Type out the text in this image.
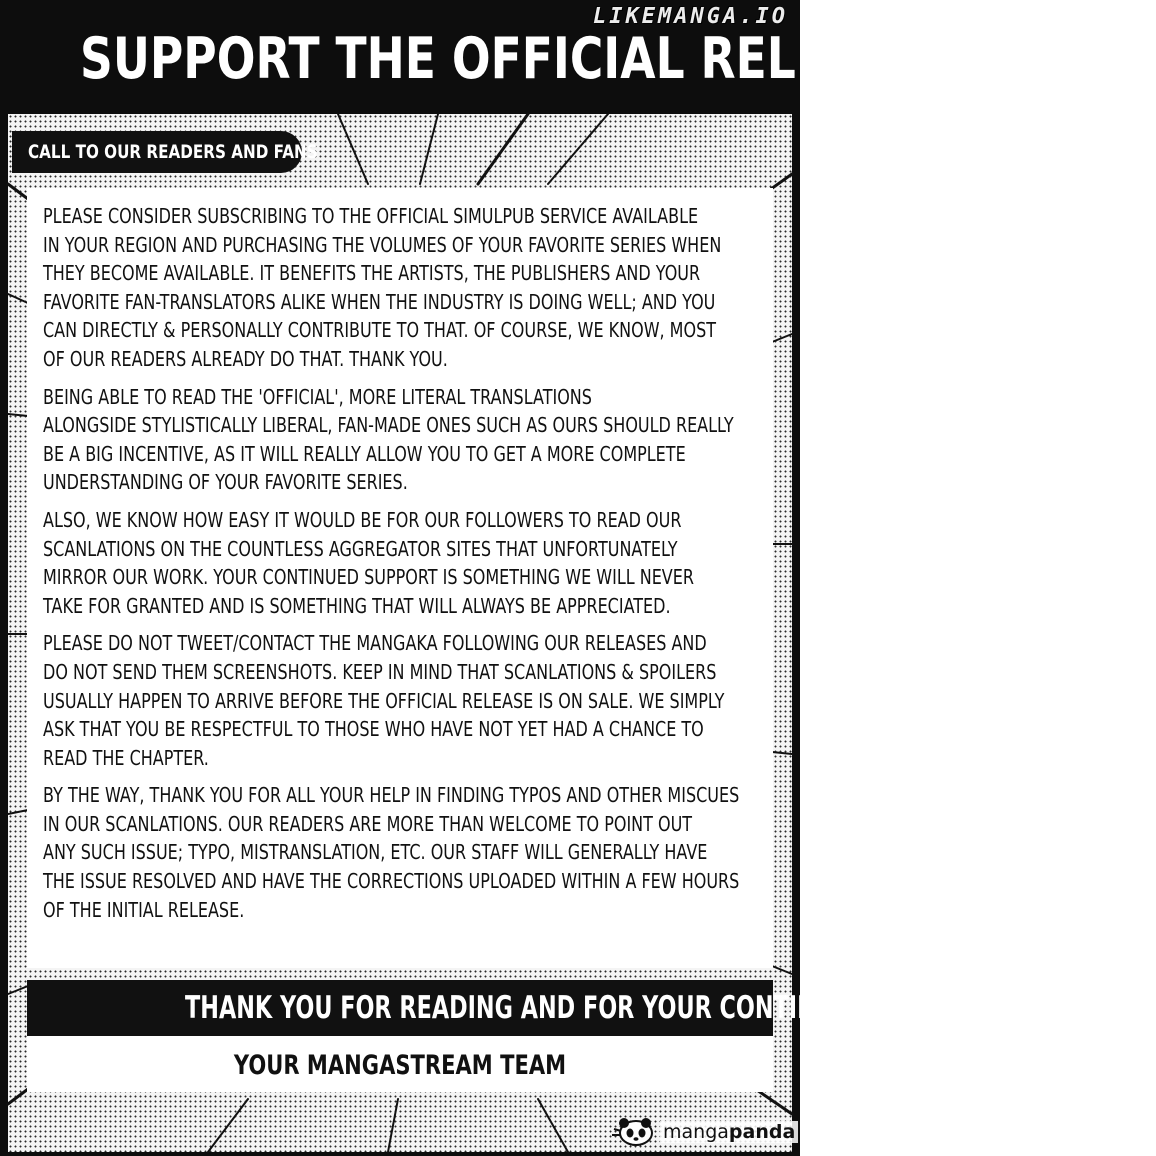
SUPPORT THE OFFICIAL RELEASE
LIKEMANGA.IO
CALL TO OUR READERS AND FANS
PLEASE CONSIDER SUBSCRIBING TO THE OFFICIAL SIMULPUB SERVICE AVAILABLE
IN YOUR REGION AND PURCHASING THE VOLUMES OF YOUR FAVORITE SERIES WHEN
THEY BECOME AVAILABLE. IT BENEFITS THE ARTISTS, THE PUBLISHERS AND YOUR
FAVORITE FAN-TRANSLATORS ALIKE WHEN THE INDUSTRY IS DOING WELL; AND YOU
CAN DIRECTLY & PERSONALLY CONTRIBUTE TO THAT. OF COURSE, WE KNOW, MOST
OF OUR READERS ALREADY DO THAT. THANK YOU.
BEING ABLE TO READ THE 'OFFICIAL', MORE LITERAL TRANSLATIONS
ALONGSIDE STYLISTICALLY LIBERAL, FAN-MADE ONES SUCH AS OURS SHOULD REALLY
BE A BIG INCENTIVE, AS IT WILL REALLY ALLOW YOU TO GET A MORE COMPLETE
UNDERSTANDING OF YOUR FAVORITE SERIES.
ALSO, WE KNOW HOW EASY IT WOULD BE FOR OUR FOLLOWERS TO READ OUR
SCANLATIONS ON THE COUNTLESS AGGREGATOR SITES THAT UNFORTUNATELY
MIRROR OUR WORK. YOUR CONTINUED SUPPORT IS SOMETHING WE WILL NEVER
TAKE FOR GRANTED AND IS SOMETHING THAT WILL ALWAYS BE APPRECIATED.
PLEASE DO NOT TWEET/CONTACT THE MANGAKA FOLLOWING OUR RELEASES AND
DO NOT SEND THEM SCREENSHOTS. KEEP IN MIND THAT SCANLATIONS & SPOILERS
USUALLY HAPPEN TO ARRIVE BEFORE THE OFFICIAL RELEASE IS ON SALE. WE SIMPLY
ASK THAT YOU BE RESPECTFUL TO THOSE WHO HAVE NOT YET HAD A CHANCE TO
READ THE CHAPTER.
BY THE WAY, THANK YOU FOR ALL YOUR HELP IN FINDING TYPOS AND OTHER MISCUES
IN OUR SCANLATIONS. OUR READERS ARE MORE THAN WELCOME TO POINT OUT
ANY SUCH ISSUE; TYPO, MISTRANSLATION, ETC. OUR STAFF WILL GENERALLY HAVE
THE ISSUE RESOLVED AND HAVE THE CORRECTIONS UPLOADED WITHIN A FEW HOURS
OF THE INITIAL RELEASE.
THANK YOU FOR READING AND FOR YOUR CONTINUED SUPPORT.
YOUR MANGASTREAM TEAM
mangapanda
